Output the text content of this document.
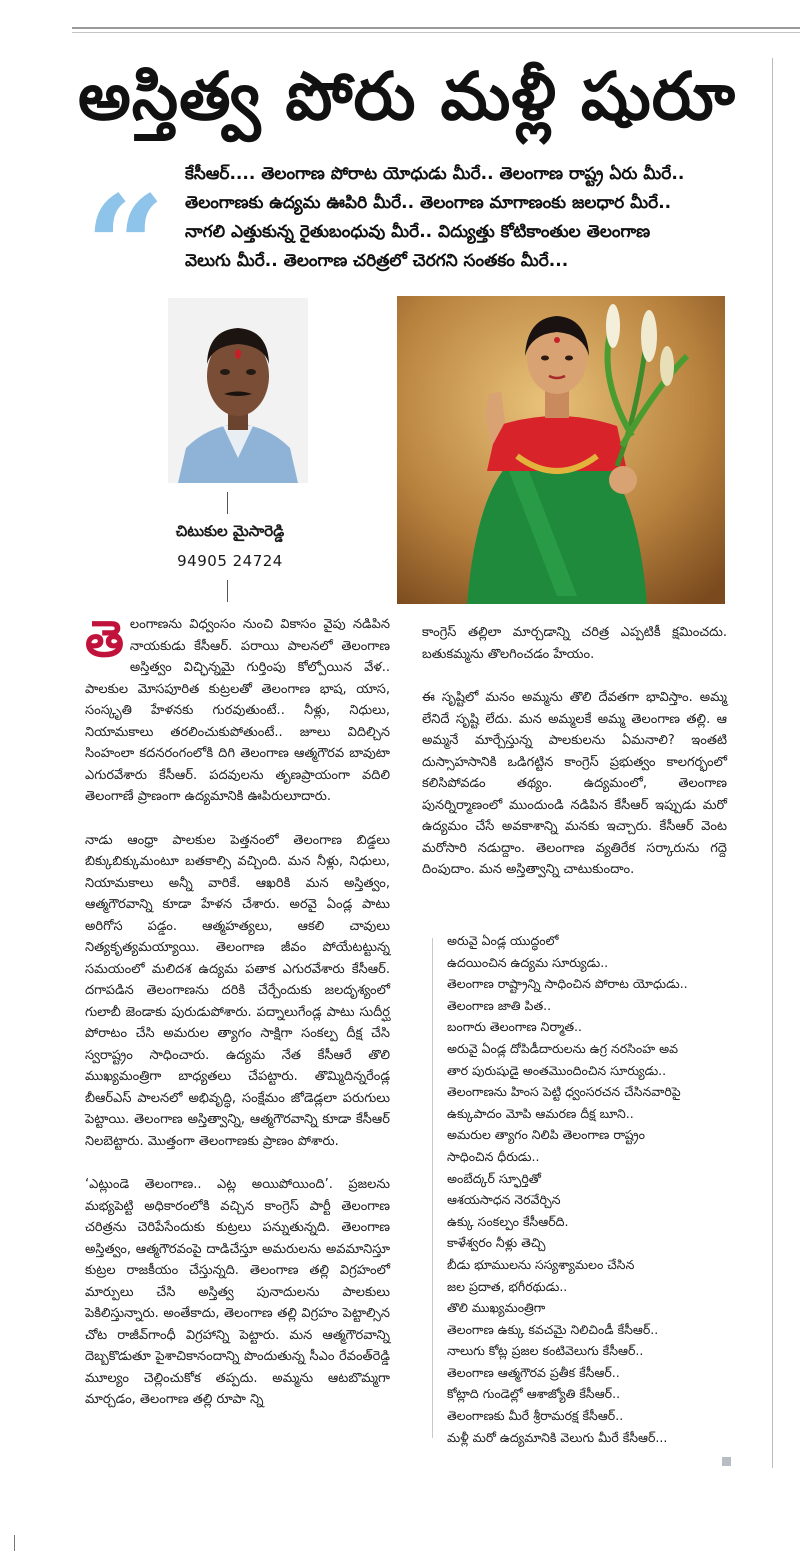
అస్తిత్వ పోరు మళ్లీ షురూ
“ కేసీఆర్.... తెలంగాణ పోరాట యోధుడు మీరే.. తెలంగాణ రాష్ట్ర ఏరు మీరే..
తెలంగాణకు ఉద్యమ ఊపిరి మీరే.. తెలంగాణ మాగాణంకు జలధార మీరే..
నాగలి ఎత్తుకున్న రైతుబంధువు మీరే.. విద్యుత్తు కోటికాంతుల తెలంగాణ
వెలుగు మీరే.. తెలంగాణ చరిత్రలో చెరగని సంతకం మీరే...
చిటుకుల మైసారెడ్డి
94905 24724

తెలంగాణను విధ్వంసం నుంచి వికాసం వైపు నడిపిన నాయకుడు కేసీఆర్. పరాయి పాలనలో తెలంగాణ అస్తిత్వం విచ్ఛిన్నమై గుర్తింపు కోల్పోయిన వేళ.. పాలకుల మోసపూరిత కుట్రలతో తెలంగాణ భాష, యాస, సంస్కృతి హేళనకు గురవుతుంటే.. నీళ్లు, నిధులు, నియామకాలు తరలించుకుపోతుంటే.. జూలు విదిల్చిన సింహంలా కదనరంగంలోకి దిగి తెలంగాణ ఆత్మగౌరవ బావుటా ఎగురవేశారు కేసీఆర్. పదవులను తృణప్రాయంగా వదిలి తెలంగాణే ప్రాణంగా ఉద్యమానికి ఊపిరులూదారు.

నాడు ఆంధ్రా పాలకుల పెత్తనంలో తెలంగాణ బిడ్డలు బిక్కుబిక్కుమంటూ బతకాల్సి వచ్చింది. మన నీళ్లు, నిధులు, నియామకాలు అన్నీ వారికే. ఆఖరికి మన అస్తిత్వం, ఆత్మగౌరవాన్ని కూడా హేళన చేశారు. అరవై ఏండ్ల పాటు అరిగోస పడ్డం. ఆత్మహత్యలు, ఆకలి చావులు నిత్యకృత్యమయ్యాయి. తెలంగాణ జీవం పోయేటట్టున్న సమయంలో మలిదశ ఉద్యమ పతాక ఎగురవేశారు కేసీఆర్. దగాపడిన తెలంగాణను దరికి చేర్చేందుకు జలదృశ్యంలో గులాబీ జెండాకు పురుడుపోశారు. పద్నాలుగేండ్ల పాటు సుదీర్ఘ పోరాటం చేసి అమరుల త్యాగం సాక్షిగా సంకల్ప దీక్ష చేసి స్వరాష్ట్రం సాధించారు. ఉద్యమ నేత కేసీఆరే తొలి ముఖ్యమంత్రిగా బాధ్యతలు చేపట్టారు. తొమ్మిదిన్నరేండ్ల బీఆర్ఎస్ పాలనలో అభివృద్ధి, సంక్షేమం జోడెడ్లలా పరుగులు పెట్టాయి. తెలంగాణ అస్తిత్వాన్ని, ఆత్మగౌరవాన్ని కూడా కేసీఆర్ నిలబెట్టారు. మొత్తంగా తెలంగాణకు ప్రాణం పోశారు.

‘ఎట్లుండె తెలంగాణ.. ఎట్ల అయిపోయింది’. ప్రజలను మభ్యపెట్టి అధికారంలోకి వచ్చిన కాంగ్రెస్ పార్టీ తెలంగాణ చరిత్రను చెరిపేసేందుకు కుట్రలు పన్నుతున్నది. తెలంగాణ అస్తిత్వం, ఆత్మగౌరవంపై దాడిచేస్తూ అమరులను అవమానిస్తూ కుట్రల రాజకీయం చేస్తున్నది. తెలంగాణ తల్లి విగ్రహంలో మార్పులు చేసి అస్తిత్వ పునాదులను పాలకులు పెకిలిస్తున్నారు. అంతేకాదు, తెలంగాణ తల్లి విగ్రహం పెట్టాల్సిన చోట రాజీవ్‌గాంధీ విగ్రహాన్ని పెట్టారు. మన ఆత్మగౌరవాన్ని దెబ్బకొడుతూ పైశాచికానందాన్ని పొందుతున్న సీఎం రేవంత్‌రెడ్డి మూల్యం చెల్లించుకోక తప్పదు. అమ్మను ఆటబొమ్మగా మార్చడం, తెలంగాణ తల్లి రూపా న్ని

కాంగ్రెస్ తల్లిలా మార్చడాన్ని చరిత్ర ఎప్పటికీ క్షమించదు. బతుకమ్మను తొలగించడం హేయం.

ఈ సృష్టిలో మనం అమ్మను తొలి దేవతగా భావిస్తాం. అమ్మ లేనిదే సృష్టి లేదు. మన అమ్మలకే అమ్మ తెలంగాణ తల్లి. ఆ అమ్మనే మార్చేస్తున్న పాలకులను ఏమనాలి? ఇంతటి దుస్సాహసానికి ఒడిగట్టిన కాంగ్రెస్ ప్రభుత్వం కాలగర్భంలో కలిసిపోవడం తథ్యం. ఉద్యమంలో, తెలంగాణ పునర్నిర్మాణంలో ముందుండి నడిపిన కేసీఆర్ ఇప్పుడు మరో ఉద్యమం చేసే అవకాశాన్ని మనకు ఇచ్చారు. కేసీఆర్ వెంట మరోసారి నడుద్దాం. తెలంగాణ వ్యతిరేక సర్కారును గద్దె దింపుదాం. మన అస్తిత్వాన్ని చాటుకుందాం.

అరువై ఏండ్ల యుద్ధంలో
ఉదయించిన ఉద్యమ సూర్యుడు..
తెలంగాణ రాష్ట్రాన్ని సాధించిన పోరాట యోధుడు..
తెలంగాణ జాతి పిత..
బంగారు తెలంగాణ నిర్మాత..
అరువై ఏండ్ల దోపిడీదారులను ఉగ్ర నరసింహ అవ
తార పురుషుడై అంతమొందించిన సూర్యుడు..
తెలంగాణను హింస పెట్టి ధ్వంసరచన చేసినవారిపై
ఉక్కుపాదం మోపి ఆమరణ దీక్ష బూని..
అమరుల త్యాగం నిలిపి తెలంగాణ రాష్ట్రం
సాధించిన ధీరుడు..
అంబేద్కర్ స్ఫూర్తితో
ఆశయసాధన నెరవేర్చిన
ఉక్కు సంకల్పం కేసీఆర్‌ది.
కాళేశ్వరం నీళ్లు తెచ్చి
బీడు భూములను సస్యశ్యామలం చేసిన
జల ప్రదాత, భగీరథుడు..
తొలి ముఖ్యమంత్రిగా
తెలంగాణ ఉక్కు కవచమై నిలిచిండీ కేసీఆర్..
నాలుగు కోట్ల ప్రజల కంటివెలుగు కేసీఆర్..
తెలంగాణ ఆత్మగౌరవ ప్రతీక కేసీఆర్..
కోట్లాది గుండెల్లో ఆశాజ్యోతి కేసీఆర్..
తెలంగాణకు మీరే శ్రీరామరక్ష కేసీఆర్..
మళ్లీ మరో ఉద్యమానికి వెలుగు మీరే కేసీఆర్...
